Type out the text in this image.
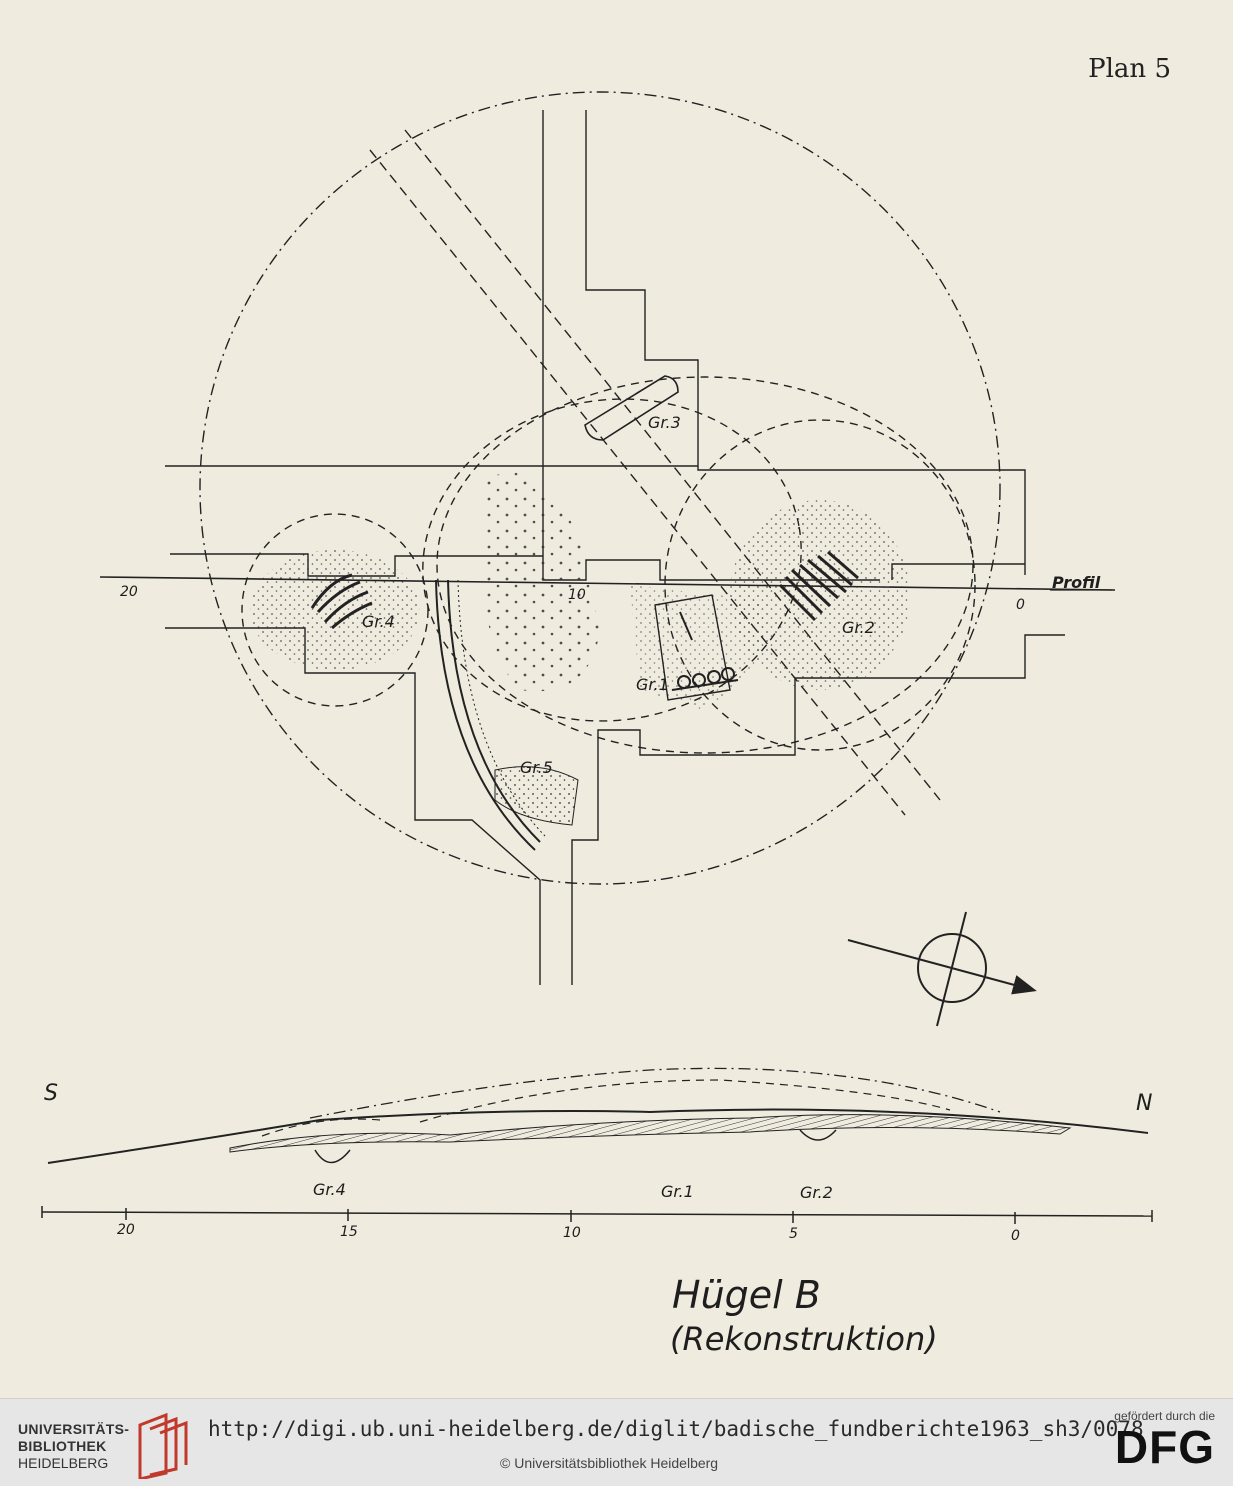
Plan 5
Gr.3
Gr.2
Gr.1
Gr.4
Gr.5
Profil
20	10
0
S	N
Gr.4	Gr.1	Gr.2
20	15	10	5	0
Hügel B
(Rekonstruktion)
UNIVERSITÄTS-
BIBLIOTHEK
HEIDELBERG
http://digi.ub.uni-heidelberg.de/diglit/badische_fundberichte1963_sh3/0078
© Universitätsbibliothek Heidelberg
gefördert durch die
DFG
